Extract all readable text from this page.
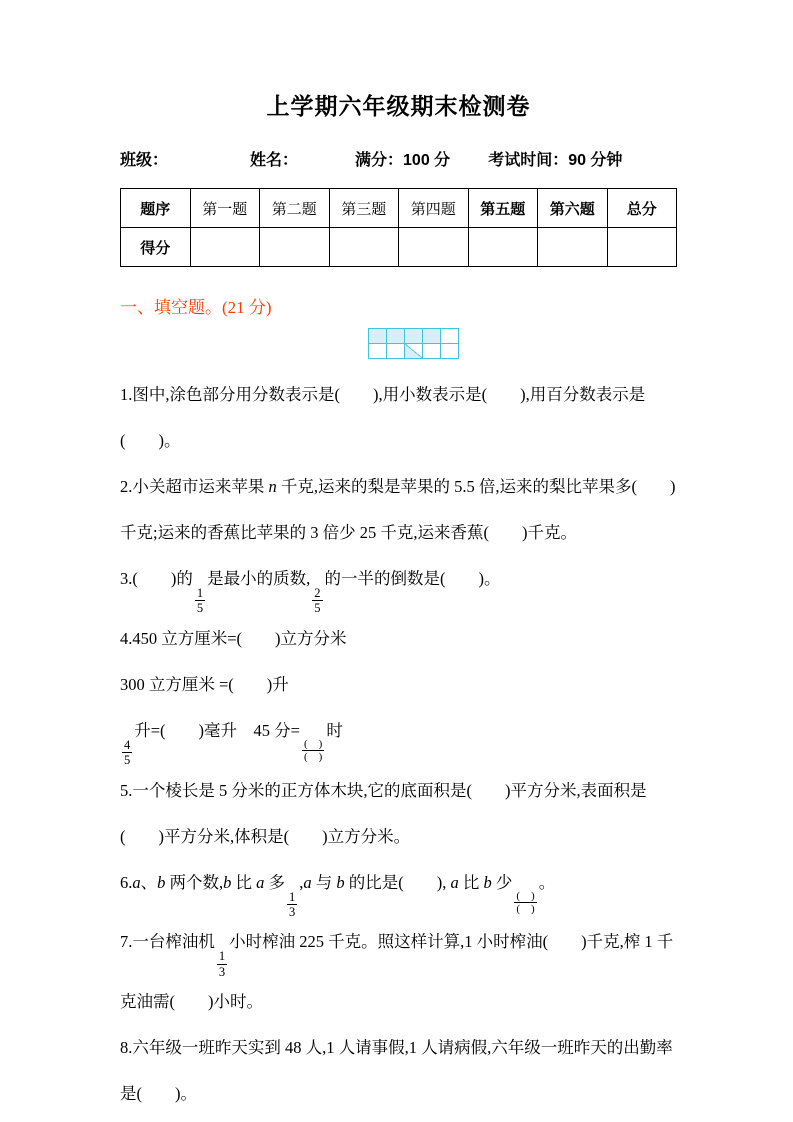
上学期六年级期末检测卷
班级：	姓名：	满分：100 分 考试时间：90 分钟
题序	第一题	第二题	第三题	第四题	第五题	第六题	总分
得分							
一、填空题。(21 分)
1.图中,涂色部分用分数表示是(　　),用小数表示是(　　),用百分数表示是(　　)。
2.小关超市运来苹果 n 千克,运来的梨是苹果的 5.5 倍,运来的梨比苹果多(　　)千克;运来的香蕉比苹果的 3 倍少 25 千克,运来香蕉(　　)千克。
3.(　　)的
$\frac{1}{5}$
是最小的质数,
$\frac{2}{5}$
的一半的倒数是(　　)。
4.450 立方厘米=(　　)立方分米
300 立方厘米 =(　　)升
$\frac{4}{5}$
升=(　　)毫升　45 分=
$\frac{( )}{( )}$
时
5.一个棱长是 5 分米的正方体木块,它的底面积是(　　)平方分米,表面积是(　　)平方分米,体积是(　　)立方分米。
6.a、b 两个数,b 比 a 多
$\frac{1}{3}$
,a 与 b 的比是(　　), a 比 b 少
$\frac{( )}{( )}$
。
7.一台榨油机
$\frac{1}{3}$
小时榨油 225 千克。照这样计算,1 小时榨油(　　)千克,榨 1 千克油需(　　)小时。
8.六年级一班昨天实到 48 人,1 人请事假,1 人请病假,六年级一班昨天的出勤率是(　　)。
